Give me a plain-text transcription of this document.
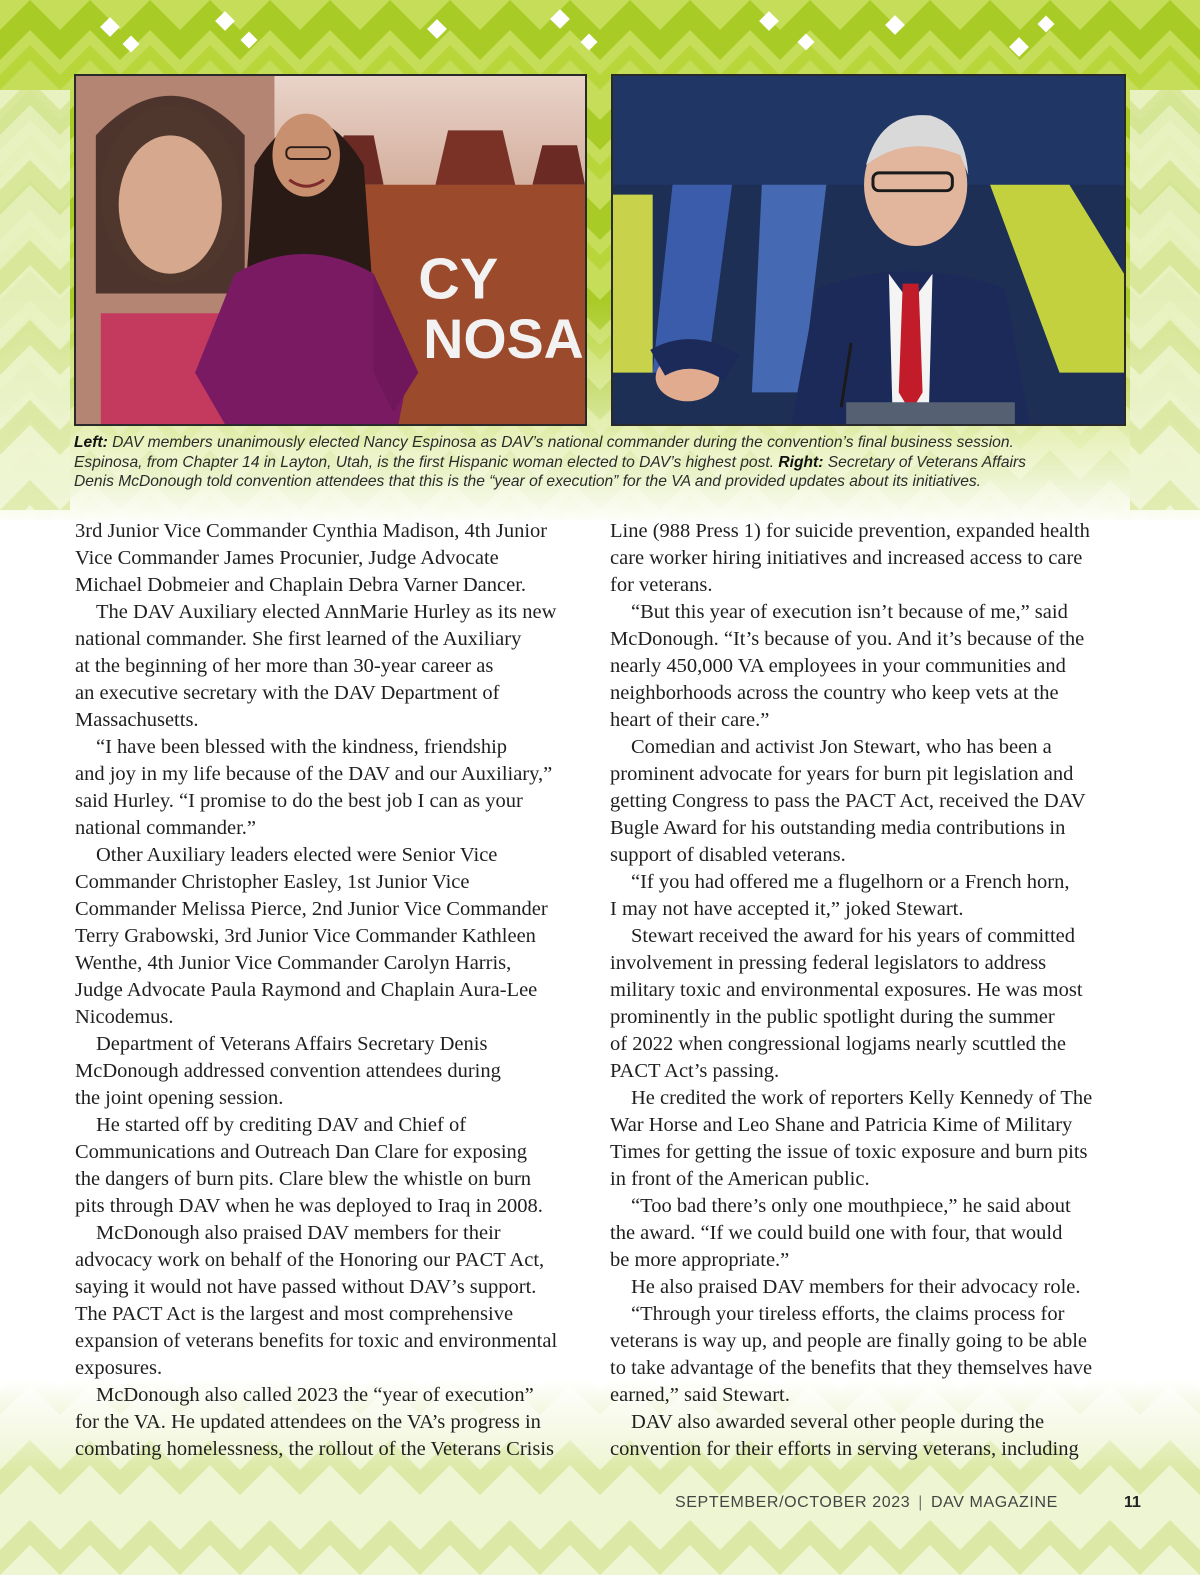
CY
NOSA
Left: DAV members unanimously elected Nancy Espinosa as DAV’s national commander during the convention’s final business session.
Espinosa, from Chapter 14 in Layton, Utah, is the first Hispanic woman elected to DAV’s highest post. Right: Secretary of Veterans Affairs
Denis McDonough told convention attendees that this is the “year of execution” for the VA and provided updates about its initiatives.
3rd Junior Vice Commander Cynthia Madison, 4th Junior
Vice Commander James Procunier, Judge Advocate
Michael Dobmeier and Chaplain Debra Varner Dancer.
The DAV Auxiliary elected AnnMarie Hurley as its new
national commander. She first learned of the Auxiliary
at the beginning of her more than 30-year career as
an executive secretary with the DAV Department of
Massachusetts.
“I have been blessed with the kindness, friendship
and joy in my life because of the DAV and our Auxiliary,”
said Hurley. “I promise to do the best job I can as your
national commander.”
Other Auxiliary leaders elected were Senior Vice
Commander Christopher Easley, 1st Junior Vice
Commander Melissa Pierce, 2nd Junior Vice Commander
Terry Grabowski, 3rd Junior Vice Commander Kathleen
Wenthe, 4th Junior Vice Commander Carolyn Harris,
Judge Advocate Paula Raymond and Chaplain Aura-Lee
Nicodemus.
Department of Veterans Affairs Secretary Denis
McDonough addressed convention attendees during
the joint opening session.
He started off by crediting DAV and Chief of
Communications and Outreach Dan Clare for exposing
the dangers of burn pits. Clare blew the whistle on burn
pits through DAV when he was deployed to Iraq in 2008.
McDonough also praised DAV members for their
advocacy work on behalf of the Honoring our PACT Act,
saying it would not have passed without DAV’s support.
The PACT Act is the largest and most comprehensive
expansion of veterans benefits for toxic and environmental
exposures.
McDonough also called 2023 the “year of execution”
for the VA. He updated attendees on the VA’s progress in
combating homelessness, the rollout of the Veterans Crisis
Line (988 Press 1) for suicide prevention, expanded health
care worker hiring initiatives and increased access to care
for veterans.
“But this year of execution isn’t because of me,” said
McDonough. “It’s because of you. And it’s because of the
nearly 450,000 VA employees in your communities and
neighborhoods across the country who keep vets at the
heart of their care.”
Comedian and activist Jon Stewart, who has been a
prominent advocate for years for burn pit legislation and
getting Congress to pass the PACT Act, received the DAV
Bugle Award for his outstanding media contributions in
support of disabled veterans.
“If you had offered me a flugelhorn or a French horn,
I may not have accepted it,” joked Stewart.
Stewart received the award for his years of committed
involvement in pressing federal legislators to address
military toxic and environmental exposures. He was most
prominently in the public spotlight during the summer
of 2022 when congressional logjams nearly scuttled the
PACT Act’s passing.
He credited the work of reporters Kelly Kennedy of The
War Horse and Leo Shane and Patricia Kime of Military
Times for getting the issue of toxic exposure and burn pits
in front of the American public.
“Too bad there’s only one mouthpiece,” he said about
the award. “If we could build one with four, that would
be more appropriate.”
He also praised DAV members for their advocacy role.
“Through your tireless efforts, the claims process for
veterans is way up, and people are finally going to be able
to take advantage of the benefits that they themselves have
earned,” said Stewart.
DAV also awarded several other people during the
convention for their efforts in serving veterans, including
SEPTEMBER/OCTOBER 2023 | DAV MAGAZINE	11
